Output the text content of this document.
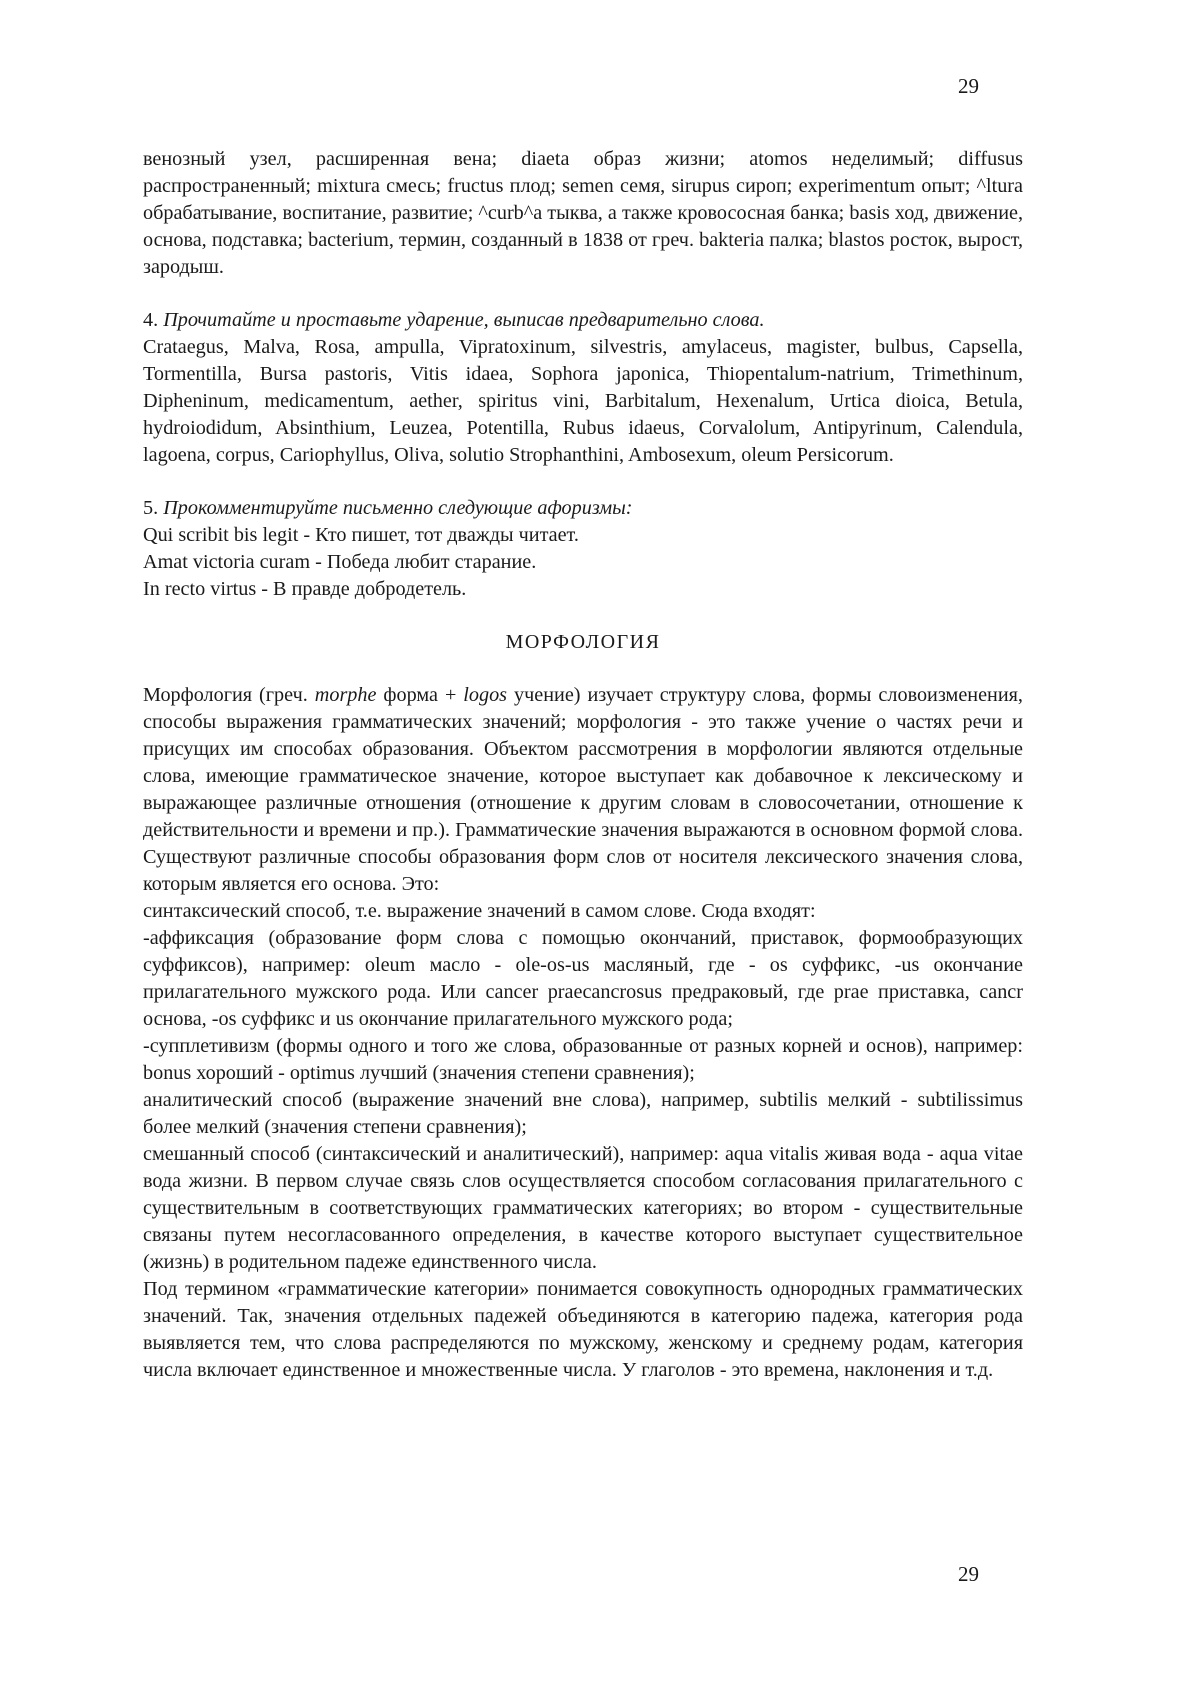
29

венозный узел, расширенная вена; diaeta образ жизни; atomos неделимый; diffusus распространенный; mixtura смесь; fructus плод; semen семя, sirupus сироп; experimentum опыт; ^ltura обрабатывание, воспитание, развитие; ^curb^a тыква, а также кровососная банка; basis ход, движение, основа, подставка; bacterium, термин, созданный в 1838 от греч. bakteria палка; blastos росток, вырост, зародыш.

4. Прочитайте и проставьте ударение, выписав предварительно слова.

Crataegus, Malva, Rosa, ampulla, Vipratoxinum, silvestris, amylaceus, magister, bulbus, Capsella, Tormentilla, Bursa pastoris, Vitis idaea, Sophora japonica, Thiopentalum-natrium, Trimethinum, Dipheninum, medicamentum, aether, spiritus vini, Barbitalum, Hexenalum, Urtica dioica, Betula, hydroiodidum, Absinthium, Leuzea, Potentilla, Rubus idaeus, Corvalolum, Antipyrinum, Calendula, lagoena, corpus, Cariophyllus, Oliva, solutio Strophanthini, Ambosexum, oleum Persicorum.

5. Прокомментируйте письменно следующие афоризмы:

Qui scribit bis legit - Кто пишет, тот дважды читает.
Amat victoria curam - Победа любит старание.
In recto virtus - В правде добродетель.
МОРФОЛОГИЯ

Морфология (греч. morphe форма + logos учение) изучает структуру слова, формы словоизменения, способы выражения грамматических значений; морфология - это также учение о частях речи и присущих им способах образования. Объектом рассмотрения в морфологии являются отдельные слова, имеющие грамматическое значение, которое выступает как добавочное к лексическому и выражающее различные отношения (отношение к другим словам в словосочетании, отношение к действительности и времени и пр.). Грамматические значения выражаются в основном формой слова. Существуют различные способы образования форм слов от носителя лексического значения слова, которым является его основа. Это:

синтаксический способ, т.е. выражение значений в самом слове. Сюда входят:

-аффиксация (образование форм слова с помощью окончаний, приставок, формообразующих суффиксов), например: oleum масло - ole-os-us масляный, где - os суффикс, -us окончание прилагательного мужского рода. Или cancer praecancrosus предраковый, где prae приставка, cancr основа, -os суффикс и us окончание прилагательного мужского рода;

-супплетивизм (формы одного и того же слова, образованные от разных корней и основ), например: bonus хороший - optimus лучший (значения степени сравнения);

аналитический способ (выражение значений вне слова), например, subtilis мелкий - subtilissimus более мелкий (значения степени сравнения);

смешанный способ (синтаксический и аналитический), например: aqua vitalis живая вода - aqua vitae вода жизни. В первом случае связь слов осуществляется способом согласования прилагательного с существительным в соответствующих грамматических категориях; во втором - существительные связаны путем несогласованного определения, в качестве которого выступает существительное (жизнь) в родительном падеже единственного числа.

Под термином «грамматические категории» понимается совокупность однородных грамматических значений. Так, значения отдельных падежей объединяются в категорию падежа, категория рода выявляется тем, что слова распределяются по мужскому, женскому и среднему родам, категория числа включает единственное и множественные числа. У глаголов - это времена, наклонения и т.д.

29
